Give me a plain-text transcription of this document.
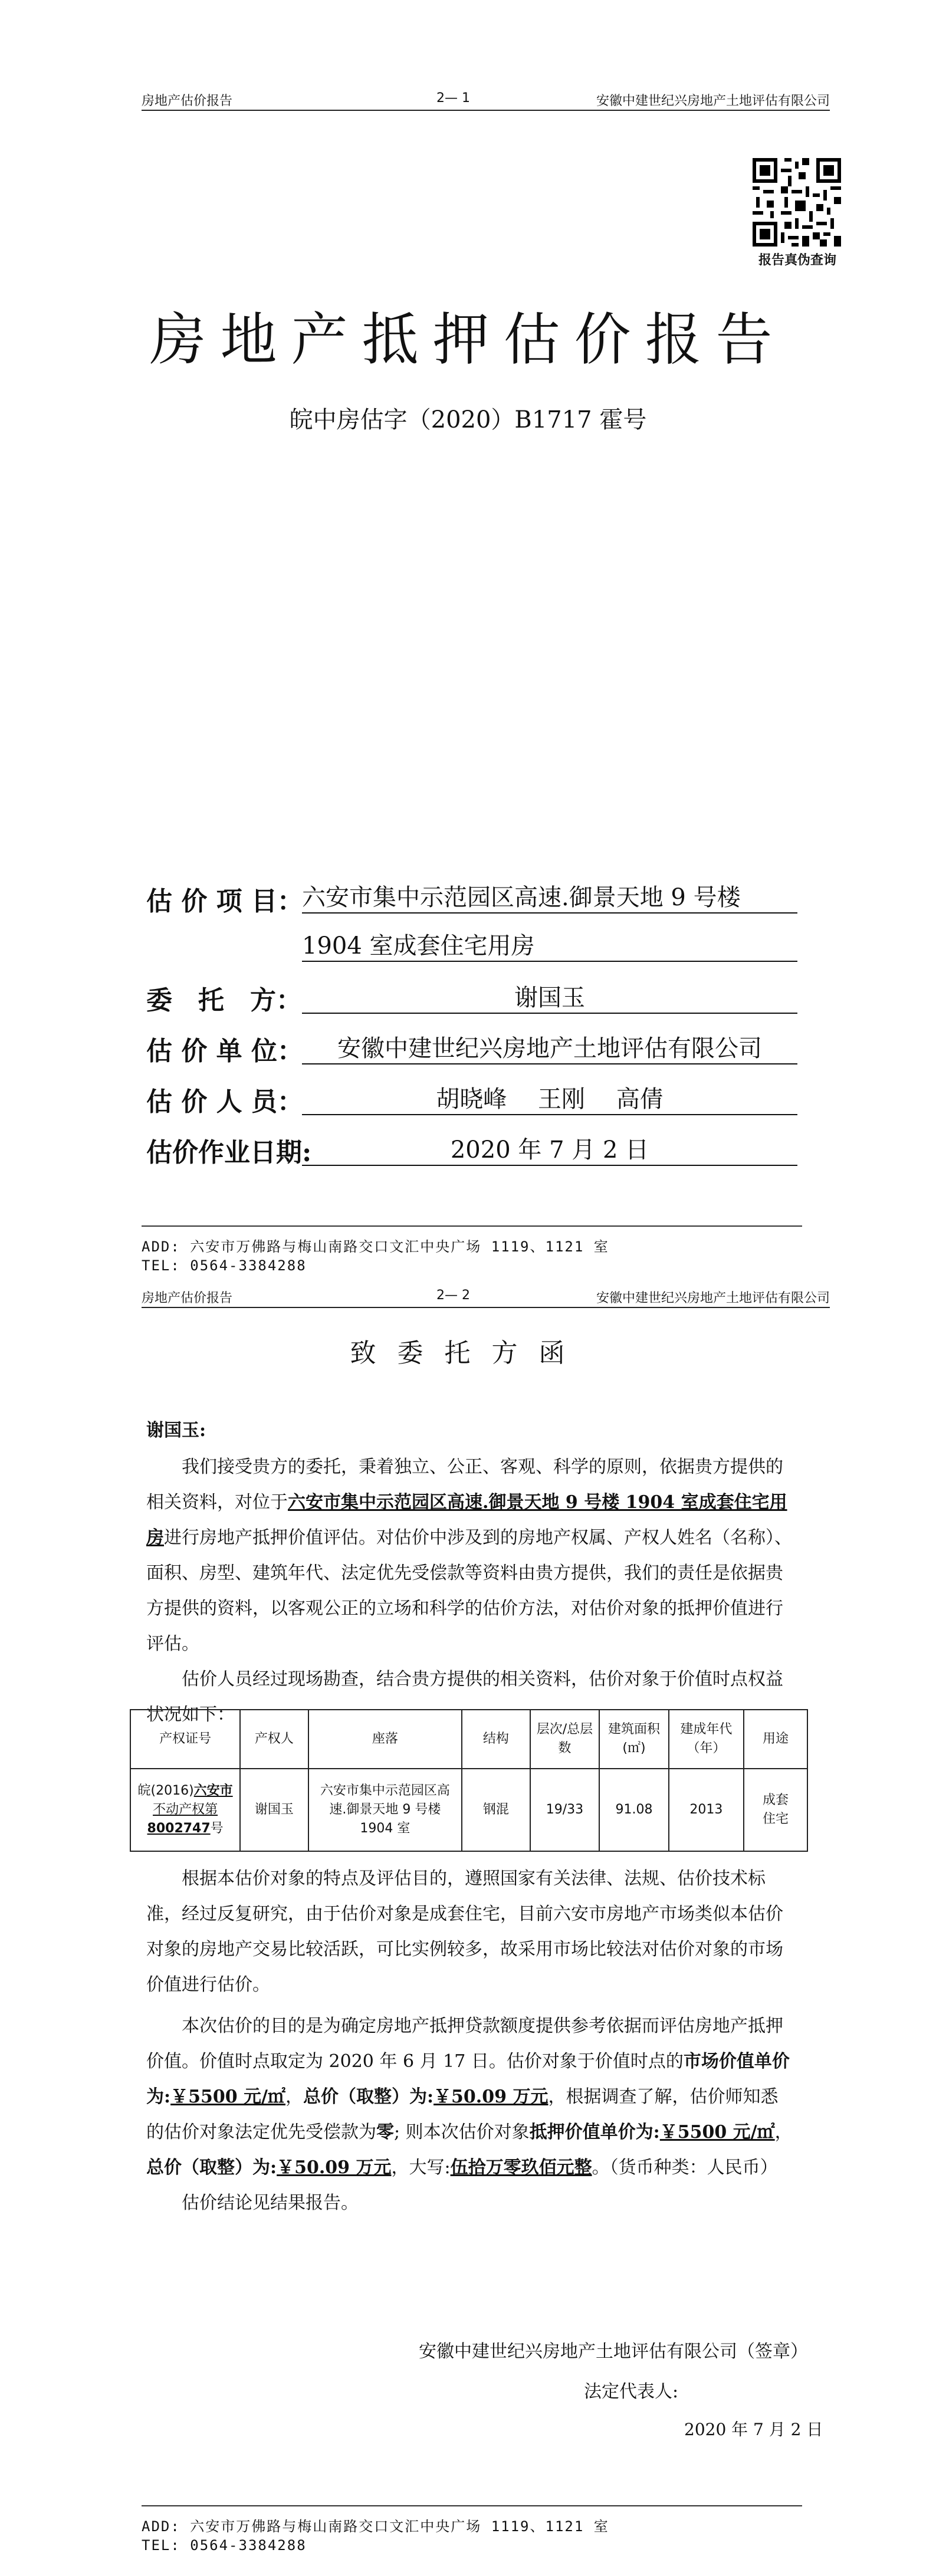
房地产估价报告	2— 1	安徽中建世纪兴房地产土地评估有限公司
报告真伪查询
房地产抵押估价报告
皖中房估字（2020）B1717 霍号
估 价 项 目：
六安市集中示范园区高速.御景天地 9 号楼
1904 室成套住宅用房
委　托　方：	谢国玉
估 价 单 位：	安徽中建世纪兴房地产土地评估有限公司
估 价 人 员：	胡晓峰　 王刚　 高倩
估价作业日期:	2020 年 7 月 2 日
ADD: 六安市万佛路与梅山南路交口文汇中央广场 1119、1121 室
TEL: 0564-3384288
房地产估价报告	2— 2	安徽中建世纪兴房地产土地评估有限公司
致委托方函
谢国玉:

我们接受贵方的委托，秉着独立、公正、客观、科学的原则，依据贵方提供的相关资料，对位于六安市集中示范园区高速.御景天地 9 号楼 1904 室成套住宅用房进行房地产抵押价值评估。对估价中涉及到的房地产权属、产权人姓名（名称）、面积、房型、建筑年代、法定优先受偿款等资料由贵方提供，我们的责任是依据贵方提供的资料，以客观公正的立场和科学的估价方法，对估价对象的抵押价值进行评估。

估价人员经过现场勘查，结合贵方提供的相关资料，估价对象于价值时点权益状况如下：

产权证号	产权人	座落	结构	层次/总层数	建筑面积(㎡)	建成年代（年）	用途
皖(2016)六安市
不动产权第
8002747号	谢国玉	六安市集中示范园区高速.御景天地 9 号楼 1904 室	钢混	19/33	91.08	2013	成套住宅

根据本估价对象的特点及评估目的，遵照国家有关法律、法规、估价技术标准，经过反复研究，由于估价对象是成套住宅，目前六安市房地产市场类似本估价对象的房地产交易比较活跃，可比实例较多，故采用市场比较法对估价对象的市场价值进行估价。

本次估价的目的是为确定房地产抵押贷款额度提供参考依据而评估房地产抵押价值。价值时点取定为 2020 年 6 月 17 日。估价对象于价值时点的市场价值单价为:￥5500 元/㎡，总价（取整）为:￥50.09 万元，根据调查了解，估价师知悉的估价对象法定优先受偿款为零; 则本次估价对象抵押价值单价为:￥5500 元/㎡，总价（取整）为:￥50.09 万元，大写:伍拾万零玖佰元整。（货币种类：人民币）

估价结论见结果报告。

安徽中建世纪兴房地产土地评估有限公司（签章）
法定代表人:
2020 年 7 月 2 日
ADD: 六安市万佛路与梅山南路交口文汇中央广场 1119、1121 室
TEL: 0564-3384288
